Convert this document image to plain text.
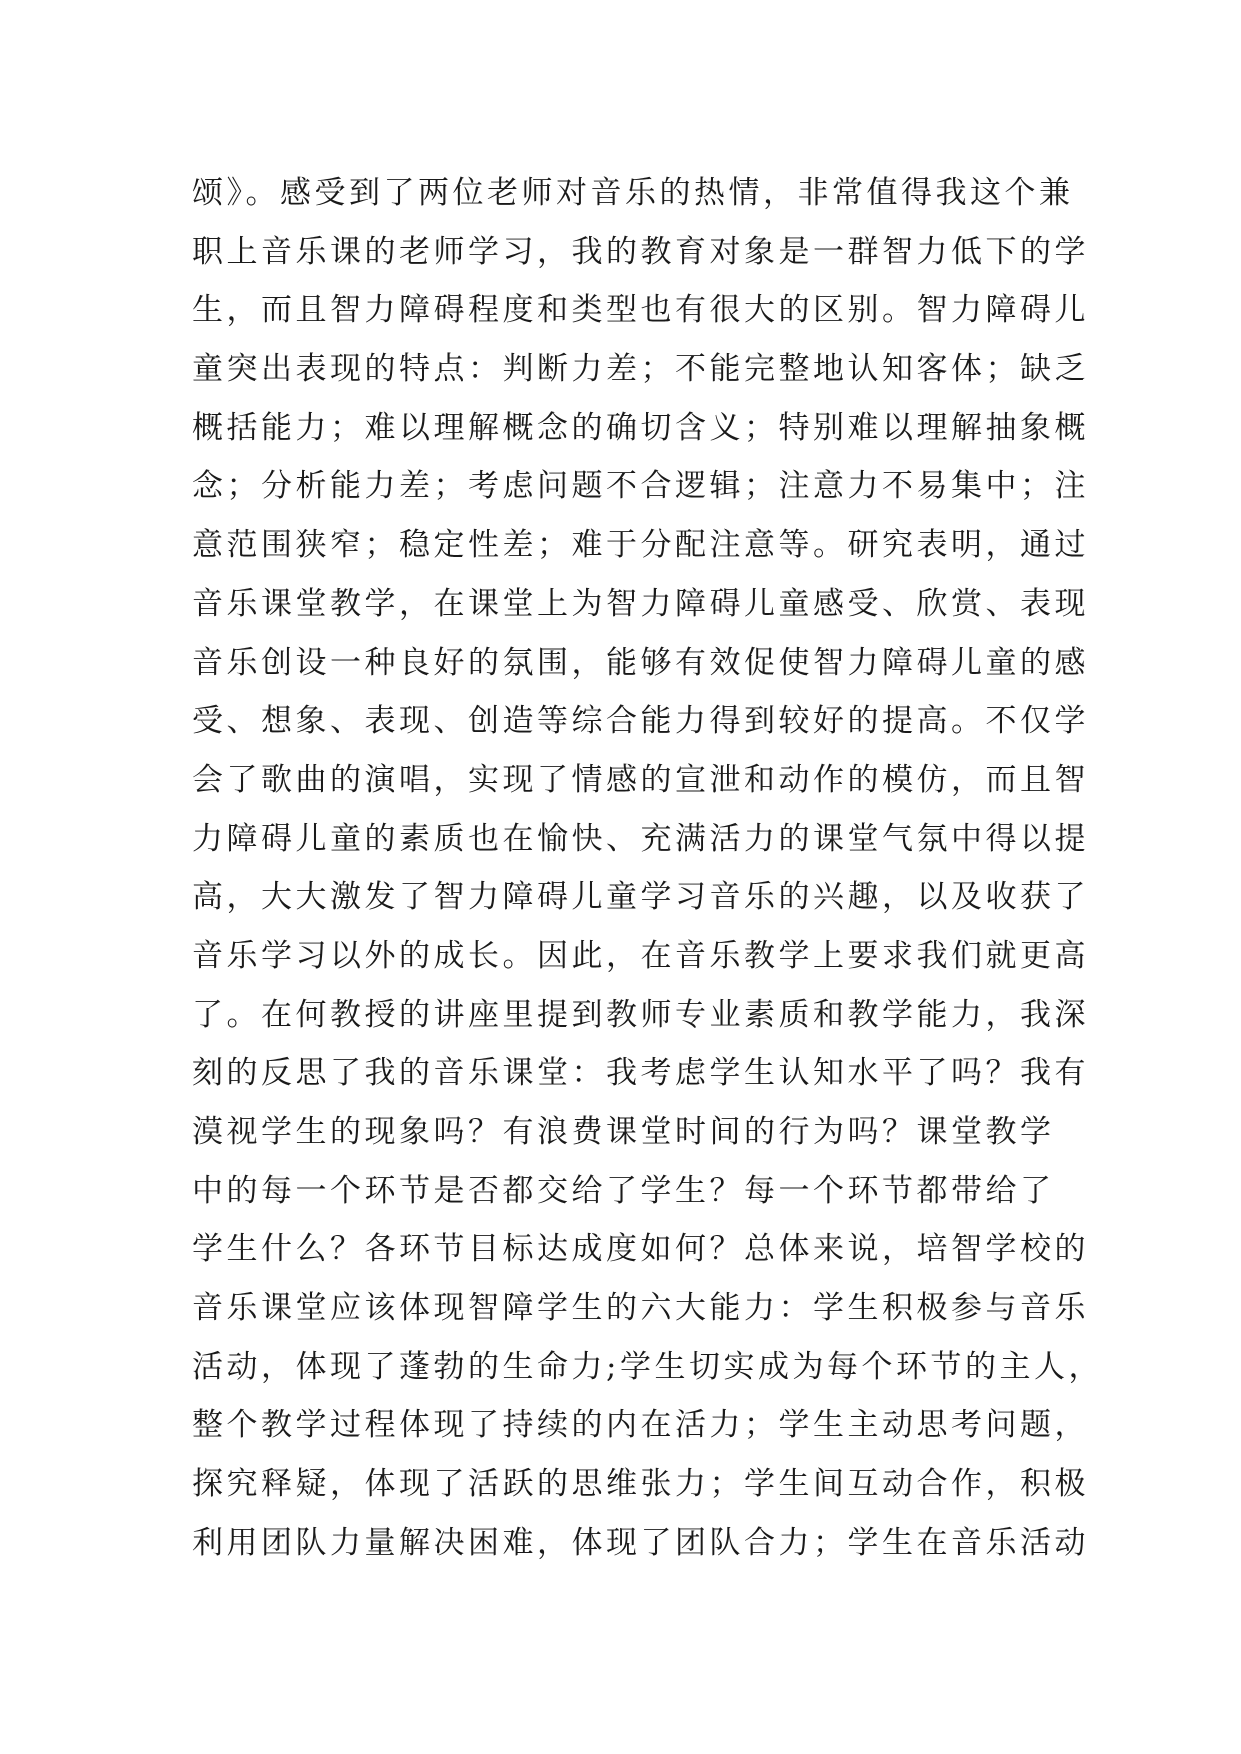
颂》。感受到了两位老师对音乐的热情，非常值得我这个兼
职上音乐课的老师学习，我的教育对象是一群智力低下的学
生，而且智力障碍程度和类型也有很大的区别。智力障碍儿
童突出表现的特点：判断力差；不能完整地认知客体；缺乏
概括能力；难以理解概念的确切含义；特别难以理解抽象概
念；分析能力差；考虑问题不合逻辑；注意力不易集中；注
意范围狭窄；稳定性差；难于分配注意等。研究表明，通过
音乐课堂教学，在课堂上为智力障碍儿童感受、欣赏、表现
音乐创设一种良好的氛围，能够有效促使智力障碍儿童的感
受、想象、表现、创造等综合能力得到较好的提高。不仅学
会了歌曲的演唱，实现了情感的宣泄和动作的模仿，而且智
力障碍儿童的素质也在愉快、充满活力的课堂气氛中得以提
高，大大激发了智力障碍儿童学习音乐的兴趣，以及收获了
音乐学习以外的成长。因此，在音乐教学上要求我们就更高
了。在何教授的讲座里提到教师专业素质和教学能力，我深
刻的反思了我的音乐课堂：我考虑学生认知水平了吗？我有
漠视学生的现象吗？有浪费课堂时间的行为吗？课堂教学
中的每一个环节是否都交给了学生？每一个环节都带给了
学生什么？各环节目标达成度如何？总体来说，培智学校的
音乐课堂应该体现智障学生的六大能力：学生积极参与音乐
活动，体现了蓬勃的生命力;学生切实成为每个环节的主人，
整个教学过程体现了持续的内在活力；学生主动思考问题，
探究释疑，体现了活跃的思维张力；学生间互动合作，积极
利用团队力量解决困难，体现了团队合力；学生在音乐活动
